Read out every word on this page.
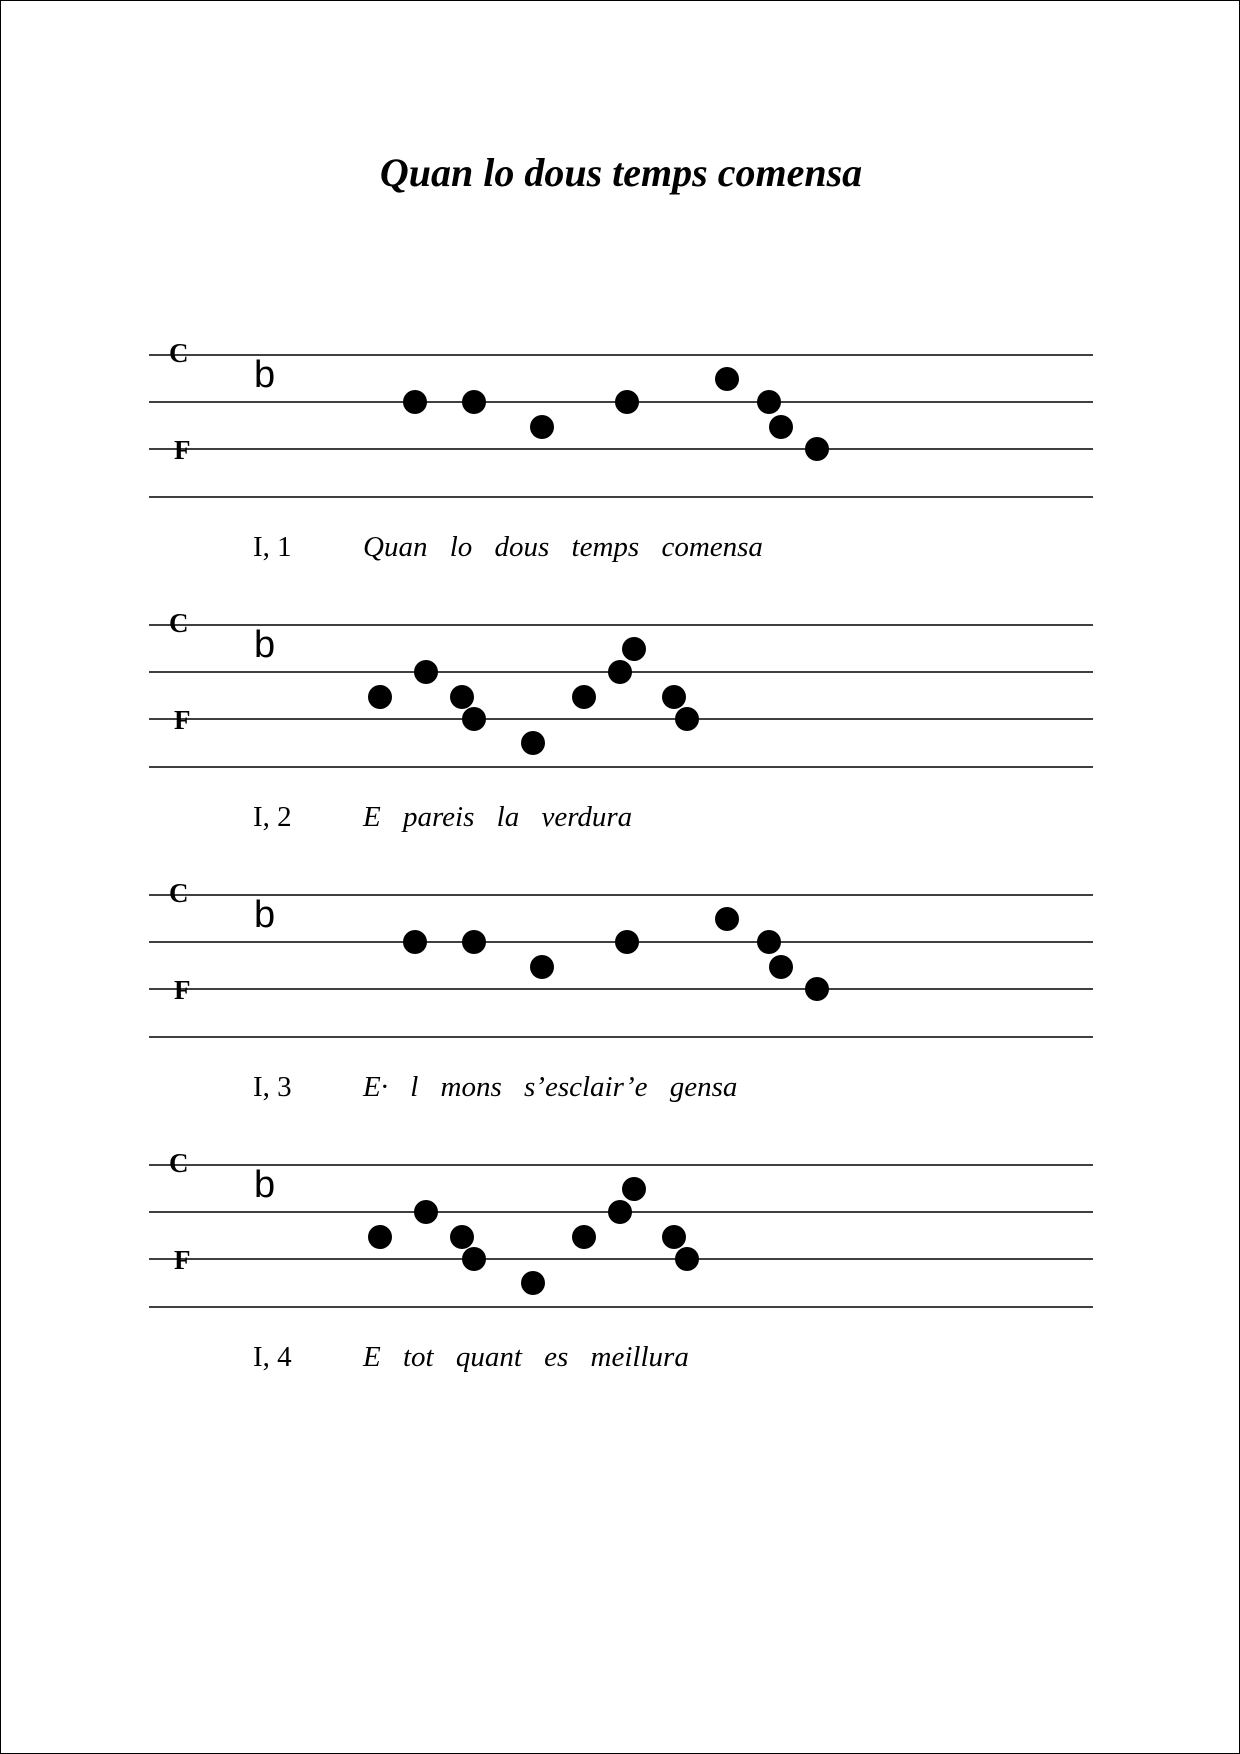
Quan lo dous temps comensa
C
F
b
I, 1 Quan lo dous temps comensa
C
F
b
I, 2 E pareis la verdura
C
F
b
I, 3 E· l mons s’esclair’e gensa
C
F
b
I, 4 E tot quant es meillura
